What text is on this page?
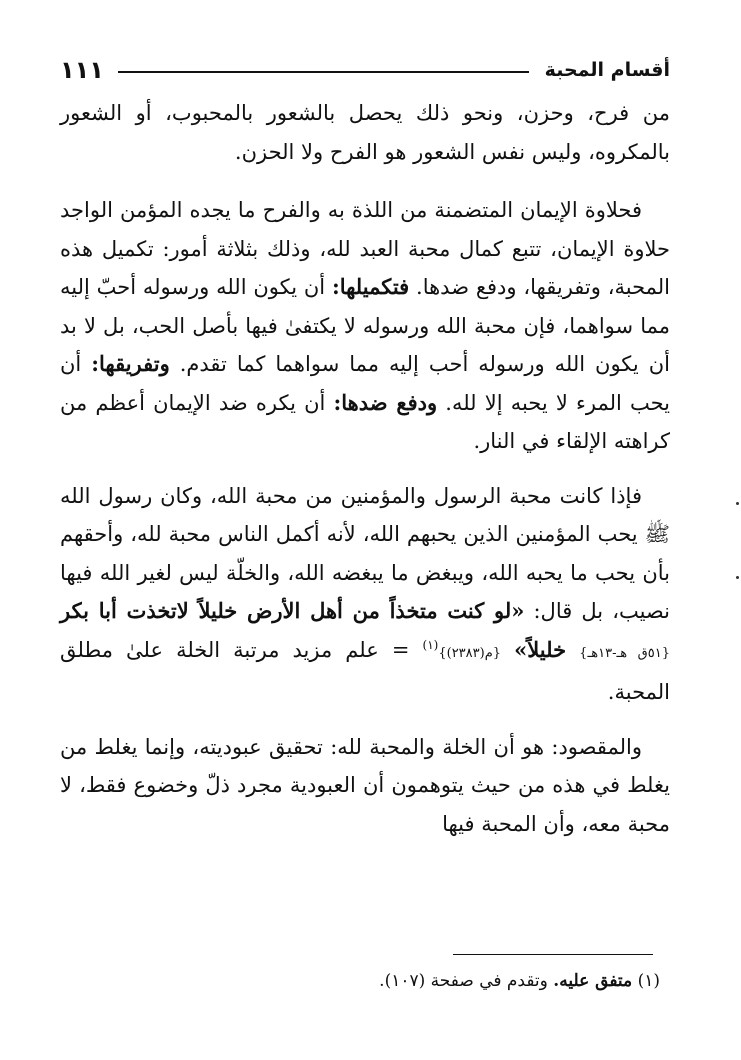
أقسام المحبة
١١١

من فرح، وحزن، ونحو ذلك يحصل بالشعور بالمحبوب، أو الشعور بالمكروه، وليس نفس الشعور هو الفرح ولا الحزن.

فحلاوة الإيمان المتضمنة من اللذة به والفرح ما يجده المؤمن الواجد حلاوة الإيمان، تتبع كمال محبة العبد لله، وذلك بثلاثة أمور: تكميل هذه المحبة، وتفريقها، ودفع ضدها. فتكميلها: أن يكون الله ورسوله أحبّ إليه مما سواهما، فإن محبة الله ورسوله لا يكتفىٰ فيها بأصل الحب، بل لا بد أن يكون الله ورسوله أحب إليه مما سواهما كما تقدم. وتفريقها: أن يحب المرء لا يحبه إلا لله. ودفع ضدها: أن يكره ضد الإيمان أعظم من كراهته الإلقاء في النار.

فإذا كانت محبة الرسول والمؤمنين من محبة الله، وكان رسول الله ﷺ يحب المؤمنين الذين يحبهم الله، لأنه أكمل الناس محبة لله، وأحقهم بأن يحب ما يحبه الله، ويبغض ما يبغضه الله، والخلّة ليس لغير الله فيها نصيب، بل قال: «لو كنت متخذاً من أهل الأرض خليلاً لاتخذت أبا بكر {٥١ق هـ-١٣هـ} خليلاً» {م(٢٣٨٣)}$^{(١)}$ = علم مزيد مرتبة الخلة علىٰ مطلق المحبة.

والمقصود: هو أن الخلة والمحبة لله: تحقيق عبوديته، وإنما يغلط من يغلط في هذه من حيث يتوهمون أن العبودية مجرد ذلّ وخضوع فقط، لا محبة معه، وأن المحبة فيها

(١) متفق عليه. وتقدم في صفحة (١٠٧).
